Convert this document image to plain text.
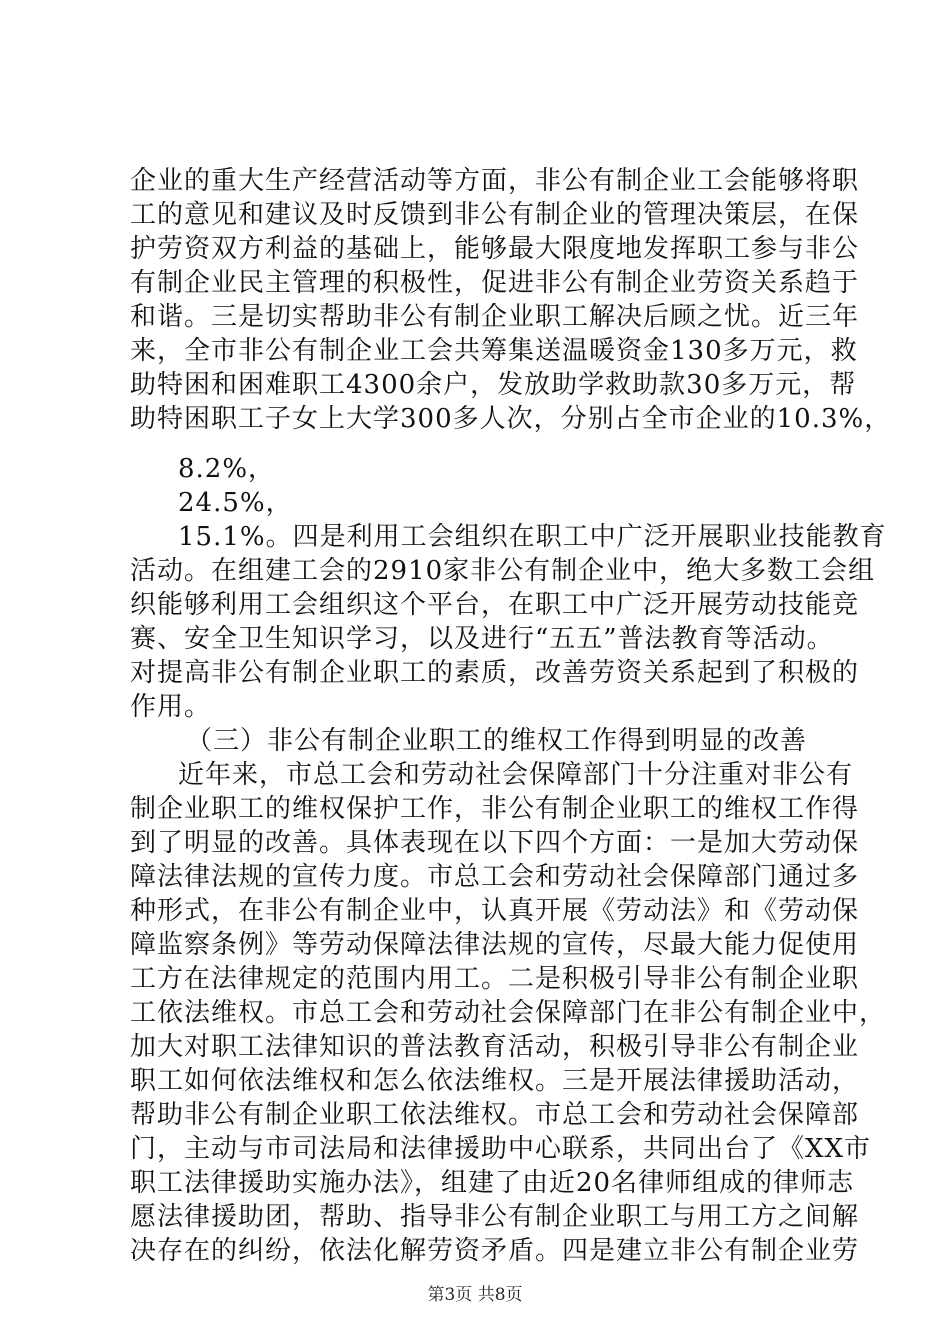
企业的重大生产经营活动等方面，非公有制企业工会能够将职
工的意见和建议及时反馈到非公有制企业的管理决策层，在保
护劳资双方利益的基础上，能够最大限度地发挥职工参与非公
有制企业民主管理的积极性，促进非公有制企业劳资关系趋于
和谐。三是切实帮助非公有制企业职工解决后顾之忧。近三年
来，全市非公有制企业工会共筹集送温暖资金130多万元，救
助特困和困难职工4300余户，发放助学救助款30多万元，帮
助特困职工子女上大学300多人次，分别占全市企业的10.3%，
8.2%，
24.5%，
15.1%。四是利用工会组织在职工中广泛开展职业技能教育
活动。在组建工会的2910家非公有制企业中，绝大多数工会组
织能够利用工会组织这个平台，在职工中广泛开展劳动技能竞
赛、安全卫生知识学习，以及进行“五五”普法教育等活动。
对提高非公有制企业职工的素质，改善劳资关系起到了积极的
作用。
（三）非公有制企业职工的维权工作得到明显的改善
近年来，市总工会和劳动社会保障部门十分注重对非公有
制企业职工的维权保护工作，非公有制企业职工的维权工作得
到了明显的改善。具体表现在以下四个方面：一是加大劳动保
障法律法规的宣传力度。市总工会和劳动社会保障部门通过多
种形式，在非公有制企业中，认真开展《劳动法》和《劳动保
障监察条例》等劳动保障法律法规的宣传，尽最大能力促使用
工方在法律规定的范围内用工。二是积极引导非公有制企业职
工依法维权。市总工会和劳动社会保障部门在非公有制企业中，
加大对职工法律知识的普法教育活动，积极引导非公有制企业
职工如何依法维权和怎么依法维权。三是开展法律援助活动，
帮助非公有制企业职工依法维权。市总工会和劳动社会保障部
门，主动与市司法局和法律援助中心联系，共同出台了《XX市
职工法律援助实施办法》，组建了由近20名律师组成的律师志
愿法律援助团，帮助、指导非公有制企业职工与用工方之间解
决存在的纠纷，依法化解劳资矛盾。四是建立非公有制企业劳
第3页 共8页
